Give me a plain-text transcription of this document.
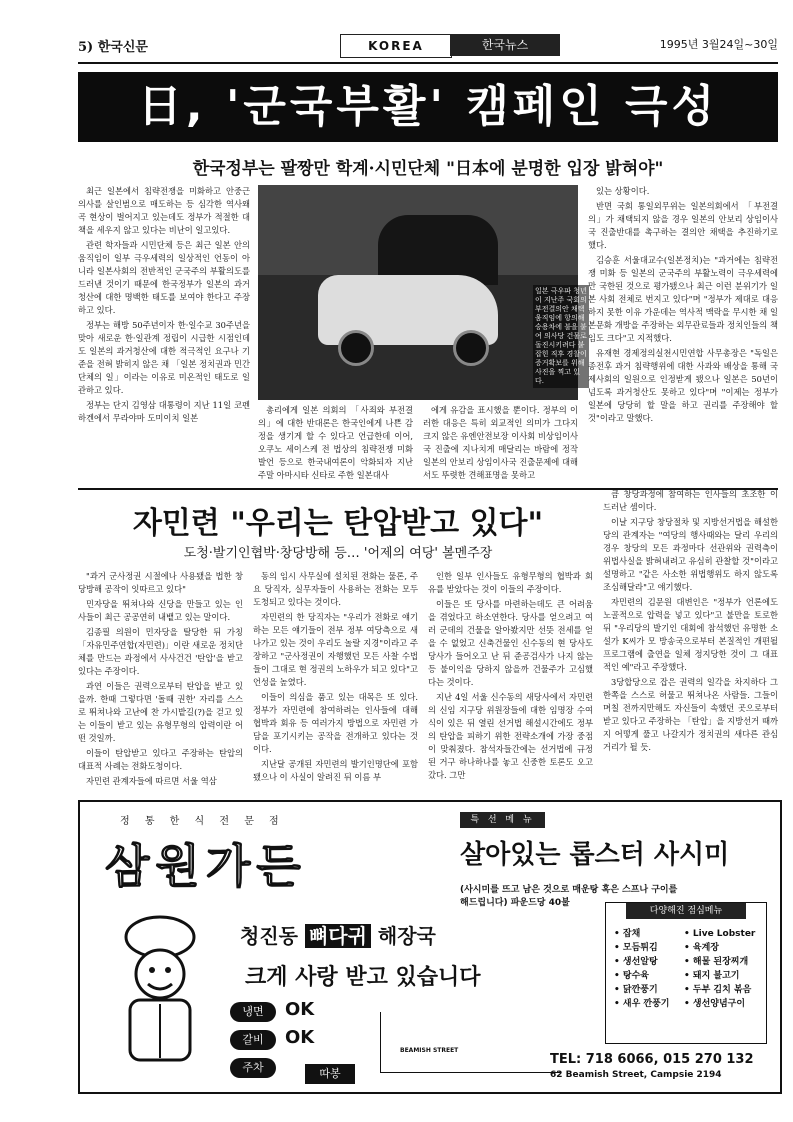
5) 한국신문	KOREA	한국뉴스	1995년 3월24일~30일
日, '군국부활' 캠페인 극성
한국정부는 팔짱만 학계·시민단체 "日本에 분명한 입장 밝혀야"

최근 일본에서 침략전쟁을 미화하고 안중근 의사를 살인범으로 매도하는 등 심각한 역사왜곡 현상이 벌어지고 있는데도 정부가 적절한 대책을 세우지 않고 있다는 비난이 일고있다.

관련 학자들과 시민단체 등은 최근 일본 안의 움직임이 일부 극우세력의 일상적인 언동이 아니라 일본사회의 전반적인 군국주의 부활의도를 드러낸 것이기 때문에 한국정부가 일본의 과거청산에 대한 명백한 태도를 보여야 한다고 주장하고 있다.

정부는 해방 50주년이자 한·일수교 30주년을 맞아 새로운 한·일관계 정립이 시급한 시점인데도 일본의 과거청산에 대한 적극적인 요구나 기준을 전혀 밝히지 않은 채 「일본 정치권과 민간단체의 일」이라는 이유로 미온적인 태도로 일관하고 있다.

정부는 단지 김영삼 대통령이 지난 11일 코펜하겐에서 무라야마 도미이치 일본

일본 극우파 청년이 지난주 국회의 부전결의안 채택 움직임에 항의해 승용차에 불을 붙여 의사당 건물로 돌진시키려다 붙잡힌 직후 경찰이 증거확보를 위해 사진을 찍고 있다.

총리에게 일본 의회의 「사죄와 부전결의」에 대한 반대론은 한국인에게 나쁜 감정을 생기게 할 수 있다고 언급한데 이어, 오쿠노 세이스케 전 법상의 침략전쟁 미화발언 등으로 한국내여론이 악화되자 지난 주말 아마시타 신타로 주한 일본대사

에게 유감을 표시했을 뿐이다. 정부의 이러한 대응은 특히 외교적인 의미가 그다지 크지 않은 유엔안전보장 이사회 비상임이사국 진출에 지나치게 매달리는 바람에 정작 일본의 안보리 상임이사국 진출문제에 대해서도 뚜렷한 견해표명을 못하고

있는 상황이다.

반면 국회 통일외무위는 일본의회에서 「부전결의」가 채택되지 않을 경우 일본의 안보리 상임이사국 진출반대를 촉구하는 결의안 채택을 추진하기로 했다.

김승훈 서울대교수(일본정치)는 "과거에는 침략전쟁 미화 등 일본의 군국주의 부활노력이 극우세력에만 국한된 것으로 평가됐으나 최근 이런 분위기가 일본 사회 전체로 번지고 있다"며 "정부가 제대로 대응하지 못한 이유 가운데는 역사적 맥락을 무시한 채 일본문화 개방을 주장하는 외무관료들과 정치인들의 책임도 크다"고 지적했다.

유재현 경제정의실천시민연합 사무총장은 "독일은 종전후 과거 침략행위에 대한 사과와 배상을 통해 국제사회의 일원으로 인정받게 됐으나 일본은 50년이 넘도록 과거청산도 못하고 있다"며 "이제는 정부가 일본에 당당히 할 말을 하고 권리를 주장해야 할 것"이라고 말했다.

자민련 "우리는 탄압받고 있다"
도청·발기인협박·창당방해 등… '어제의 여당' 볼멘주장

"과거 군사정권 시절에나 사용됐을 법한 창당방해 공작이 잇따르고 있다"

민자당을 뛰쳐나와 신당을 만들고 있는 인사들이 최근 공공연히 내뱉고 있는 말이다.

김종필 의원이 민자당을 탈당한 뒤 가칭 「자유민주연합(자민련)」이란 새로운 정치단체를 만드는 과정에서 사사건건 '탄압'을 받고 있다는 주장이다.

과연 이들은 권력으로부터 탄압을 받고 있을까. 한때 그렇다면 '돌때 권한' 자리를 스스로 뛰쳐나와 고난에 찬 가시밭길(?)을 걷고 있는 이들이 받고 있는 유형무형의 압력이란 어떤 것일까.

이들이 탄압받고 있다고 주장하는 탄압의 대표적 사례는 전화도청이다.

자민련 관계자들에 따르면 서울 역삼

동의 임시 사무실에 설치된 전화는 물론, 주요 당직자, 실무자들이 사용하는 전화는 모두 도청되고 있다는 것이다.

자민련의 한 당직자는 "우리가 전화로 얘기하는 모든 얘기들이 전부 정부 여당측으로 새나가고 있는 것이 우리도 놀랄 지경"이라고 주장하고 "군사정권이 자행했던 모든 사찰 수법들이 그대로 현 정권의 노하우가 되고 있다"고 언성을 높였다.

이들이 의심을 품고 있는 대목은 또 있다. 정부가 자민련에 참여하려는 인사들에 대해 협박과 회유 등 여러가지 방법으로 자민련 가담을 포기시키는 공작을 전개하고 있다는 것이다.

지난달 공개된 자민련의 발기인명단에 포함됐으나 이 사실이 알려진 뒤 이름 부

인한 일부 인사들도 유형무형의 협박과 회유를 받았다는 것이 이들의 주장이다.

이들은 또 당사를 마련하는데도 큰 어려움을 겪었다고 하소연한다. 당사를 얻으려고 여러 군데의 건물을 알아봤지만 선뜻 전세를 얻을 수 없었고 신축건물인 신수동의 현 당사도 당사가 들어오고 난 뒤 준공검사가 나지 않는 등 불이익을 당하지 않을까 건물주가 고심했다는 것이다.

지난 4일 서울 신수동의 새당사에서 자민련의 신임 지구당 위원장들에 대한 임명장 수여식이 있은 뒤 열린 선거법 해설시간에도 정부의 탄압을 피하기 위한 전략소개에 가장 중점이 맞춰졌다. 참석자들간에는 선거법에 규정된 거구 하나하나를 놓고 신중한 토론도 오고갔다. 그만

큼 창당과정에 참여하는 인사들의 초조한 이 드러난 셈이다.

이날 지구당 창당절차 및 지방선거법을 해설한 당의 관계자는 "여당의 행사때와는 달리 우리의 경우 창당의 모든 과정마다 선관위와 권력측이 위법사실을 밝혀내려고 유심히 관찰할 것"이라고 설명하고 "같은 사소한 위법행위도 하지 않도록 조심해달라"고 얘기했다.

자민련의 김문원 대변인은 "정부가 언론에도 노골적으로 압력을 넣고 있다"고 불만을 토로한 뒤 "우리당의 발기인 대회에 참석했던 유명한 소설가 K씨가 모 방송국으로부터 본질적인 개편될 프로그램에 출연을 일체 정지당한 것이 그 대표적인 예"라고 주장했다.

3당합당으로 잡은 권력의 일각을 차지하다 그 한쪽을 스스로 허물고 뛰쳐나온 사람들. 그들이 며칠 전까지만해도 자신들이 속했던 곳으로부터 받고 있다고 주장하는 「탄압」을 지방선거 때까지 어떻게 풀고 나갈지가 정치권의 새다른 관심거리가 될 듯.

정 통 한 식 전 문 점
삼원가든
특 선 메 뉴
살아있는 롭스터 사시미
(사시미를 뜨고 남은 것으로 매운탕 혹은 스프나 구이를 해드립니다) 파운드당 40불
청진동 뼈다귀 해장국
크게 사랑 받고 있습니다
냉면	OK
갈비	OK
주차	따봉
BEAMISH STREET
다양해진 점심메뉴
• 잡채
• 모듬튀김
• 생선알탕
• 탕수육
• 닭깐풍기
• 새우 깐풍기
• Live Lobster
• 육계장
• 해물 된장찌개
• 돼지 불고기
• 두부 김치 볶음
• 생선양념구이
TEL: 718 6066, 015 270 132
62 Beamish Street, Campsie 2194
